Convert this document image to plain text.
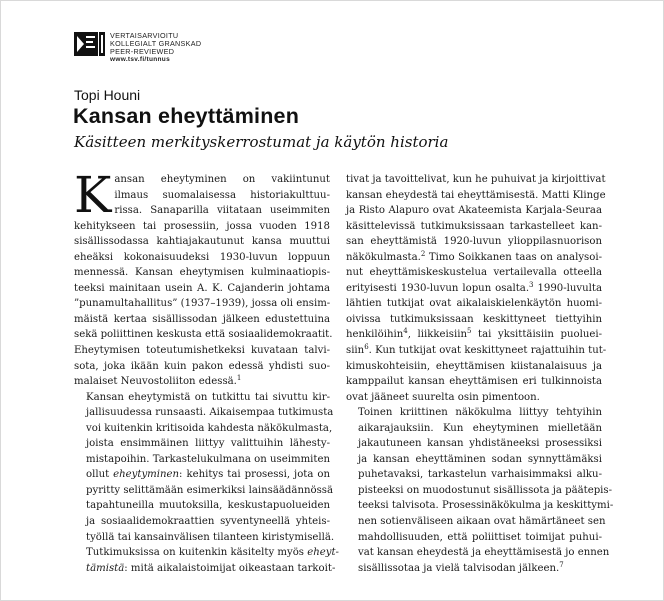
VERTAISARVIOITU
KOLLEGIALT GRANSKAD
PEER-REVIEWED
www.tsv.fi/tunnus
Topi Houni
Kansan eheyttäminen
Käsitteen merkityskerrostumat ja käytön historia

K ansan eheytyminen on vakiintunut
ilmaus suomalaisessa historiakulttuu-
rissa. Sanaparilla viitataan useimmiten
kehitykseen tai prosessiin, jossa vuoden 1918
sisällissodassa kahtiajakautunut kansa muuttui
eheäksi kokonaisuudeksi 1930-luvun loppuun
mennessä. Kansan eheytymisen kulminaatiopis-
teeksi mainitaan usein A. K. Cajanderin johtama
”punamultahallitus” (1937–1939), jossa oli ensim-
mäistä kertaa sisällissodan jälkeen edustettuina
sekä poliittinen keskusta että sosiaalidemokraatit.
Eheytymisen toteutumishetkeksi kuvataan talvi-
sota, joka ikään kuin pakon edessä yhdisti suo-
malaiset Neuvostoliiton edessä.$^1$

Kansan eheytymistä on tutkittu tai sivuttu kir-
jallisuudessa runsaasti. Aikaisempaa tutkimusta
voi kuitenkin kritisoida kahdesta näkökulmasta,
joista ensimmäinen liittyy valittuihin lähesty-
mistapoihin. Tarkastelukulmana on useimmiten
ollut eheytyminen: kehitys tai prosessi, jota on
pyritty selittämään esimerkiksi lainsäädännössä
tapahtuneilla muutoksilla, keskustapuolueiden
ja sosiaalidemokraattien syventyneellä yhteis-
työllä tai kansainvälisen tilanteen kiristymisellä.
Tutkimuksissa on kuitenkin käsitelty myös eheyt-
tämistä: mitä aikalaistoimijat oikeastaan tarkoit-

tivat ja tavoittelivat, kun he puhuivat ja kirjoittivat
kansan eheydestä tai eheyttämisestä. Matti Klinge
ja Risto Alapuro ovat Akateemista Karjala-Seuraa
käsittelevissä tutkimuksissaan tarkastelleet kan-
san eheyttämistä 1920-luvun ylioppilasnuorison
näkökulmasta.$^2$ Timo Soikkanen taas on analysoi-
nut eheyttämiskeskustelua vertailevalla otteella
erityisesti 1930-luvun lopun osalta.$^3$ 1990-luvulta
lähtien tutkijat ovat aikalaiskielenkäytön huomi-
oivissa tutkimuksissaan keskittyneet tiettyihin
henkilöihin$^4$, liikkeisiin$^5$ tai yksittäisiin puoluei-
siin$^6$. Kun tutkijat ovat keskittyneet rajattuihin tut-
kimuskohteisiin, eheyttämisen kiistanalaisuus ja
kamppailut kansan eheyttämisen eri tulkinnoista
ovat jääneet suurelta osin pimentoon.

Toinen kriittinen näkökulma liittyy tehtyihin
aikarajauksiin. Kun eheytyminen mielletään
jakautuneen kansan yhdistäneeksi prosessiksi
ja kansan eheyttäminen sodan synnyttämäksi
puhetavaksi, tarkastelun varhaisimmaksi alku-
pisteeksi on muodostunut sisällissota ja päätepis-
teeksi talvisota. Prosessinäkökulma ja keskittymi-
nen sotienväliseen aikaan ovat hämärtäneet sen
mahdollisuuden, että poliittiset toimijat puhui-
vat kansan eheydestä ja eheyttämisestä jo ennen
sisällissotaa ja vielä talvisodan jälkeen.$^7$
